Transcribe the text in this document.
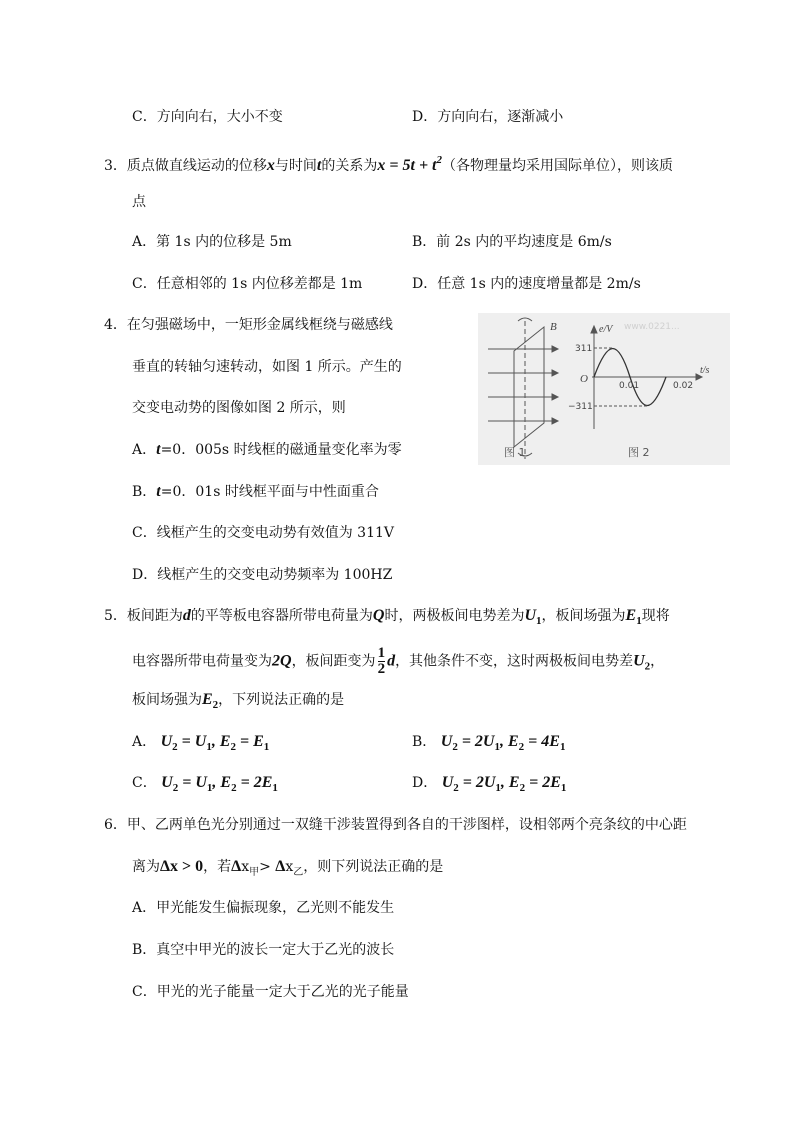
C．方向向右，大小不变	D．方向向右，逐渐减小
3．质点做直线运动的位移x与时间t的关系为$x = 5t + t^2$（各物理量均采用国际单位），则该质
点
A．第 1s 内的位移是 5m	B．前 2s 内的平均速度是 6m/s
C．任意相邻的 1s 内位移差都是 1m	D．任意 1s 内的速度增量都是 2m/s
4．在匀强磁场中，一矩形金属线框绕与磁感线
垂直的转轴匀速转动，如图 1 所示。产生的
交变电动势的图像如图 2 所示，则
A．t=0．005s 时线框的磁通量变化率为零
B．t=0．01s 时线框平面与中性面重合
C．线框产生的交变电动势有效值为 311V
D．线框产生的交变电动势频率为 100HZ
B
图 1
e/V
t/s
O
311
−311
0.01	0.02
图 2
www.0221...
5．板间距为d的平等板电容器所带电荷量为Q时，两极板间电势差为$U_1$，板间场强为$E_1$现将
电容器所带电荷量变为2Q，板间距变为 $\frac{1}{2}$ d，其他条件不变，这时两极板间电势差$U_2$，
板间场强为$E_2$，下列说法正确的是
A． $U_2 = U_1$, $E_2 = E_1$	B． $U_2 = 2U_1$, $E_2 = 4E_1$
C． $U_2 = U_1$, $E_2 = 2E_1$	D． $U_2 = 2U_1$, $E_2 = 2E_1$
6．甲、乙两单色光分别通过一双缝干涉装置得到各自的干涉图样，设相邻两个亮条纹的中心距
离为Δx > 0，若$\Delta x_甲> \Delta x_乙$，则下列说法正确的是
A．甲光能发生偏振现象，乙光则不能发生
B．真空中甲光的波长一定大于乙光的波长
C．甲光的光子能量一定大于乙光的光子能量
